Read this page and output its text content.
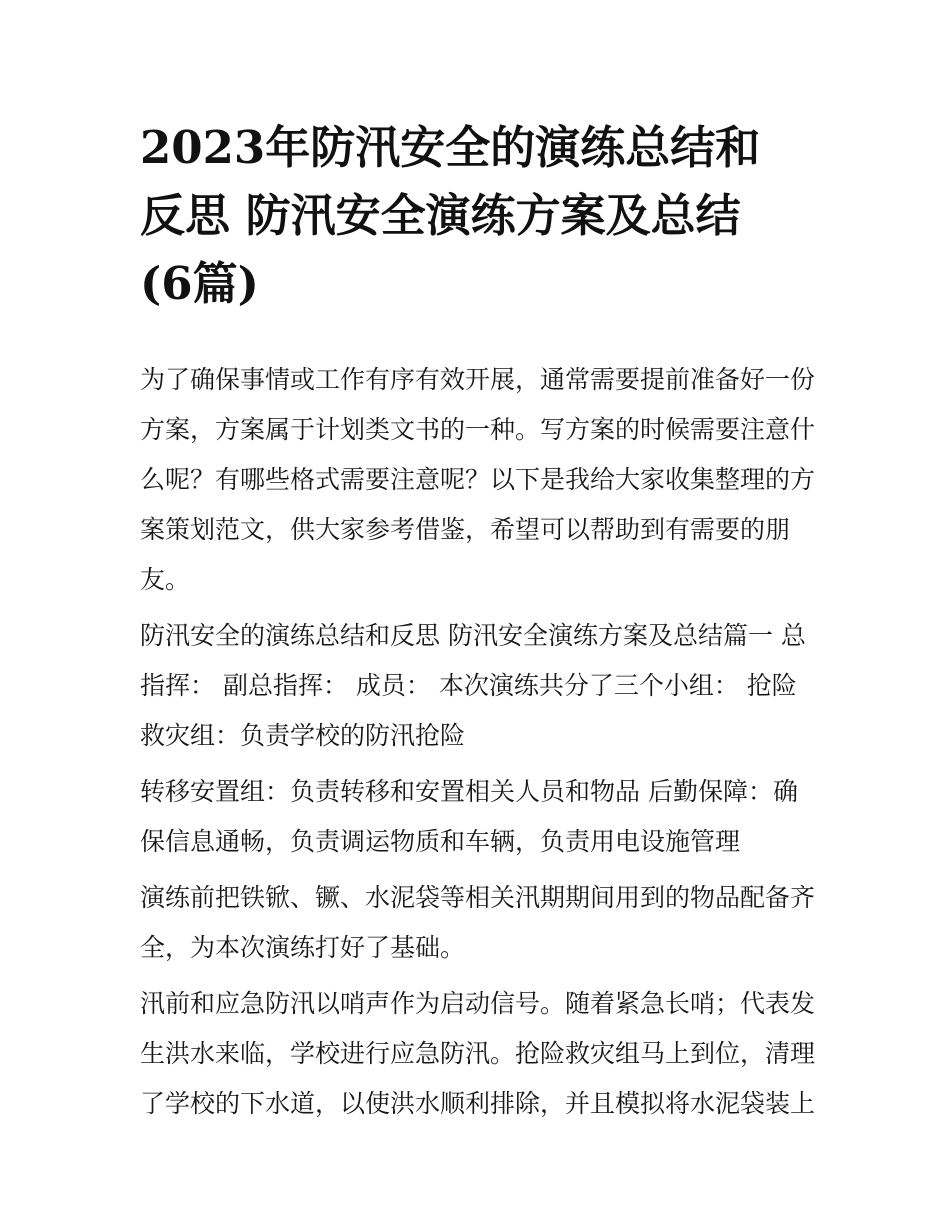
2023年防汛安全的演练总结和
反思 防汛安全演练方案及总结
(6篇)
为了确保事情或工作有序有效开展，通常需要提前准备好一份
方案，方案属于计划类文书的一种。写方案的时候需要注意什
么呢？有哪些格式需要注意呢？以下是我给大家收集整理的方
案策划范文，供大家参考借鉴，希望可以帮助到有需要的朋
友。
防汛安全的演练总结和反思 防汛安全演练方案及总结篇一 总
指挥： 副总指挥： 成员： 本次演练共分了三个小组： 抢险
救灾组：负责学校的防汛抢险
转移安置组：负责转移和安置相关人员和物品 后勤保障：确
保信息通畅，负责调运物质和车辆，负责用电设施管理
演练前把铁锨、镢、水泥袋等相关汛期期间用到的物品配备齐
全，为本次演练打好了基础。
汛前和应急防汛以哨声作为启动信号。随着紧急长哨；代表发
生洪水来临，学校进行应急防汛。抢险救灾组马上到位，清理
了学校的下水道，以使洪水顺利排除，并且模拟将水泥袋装上
